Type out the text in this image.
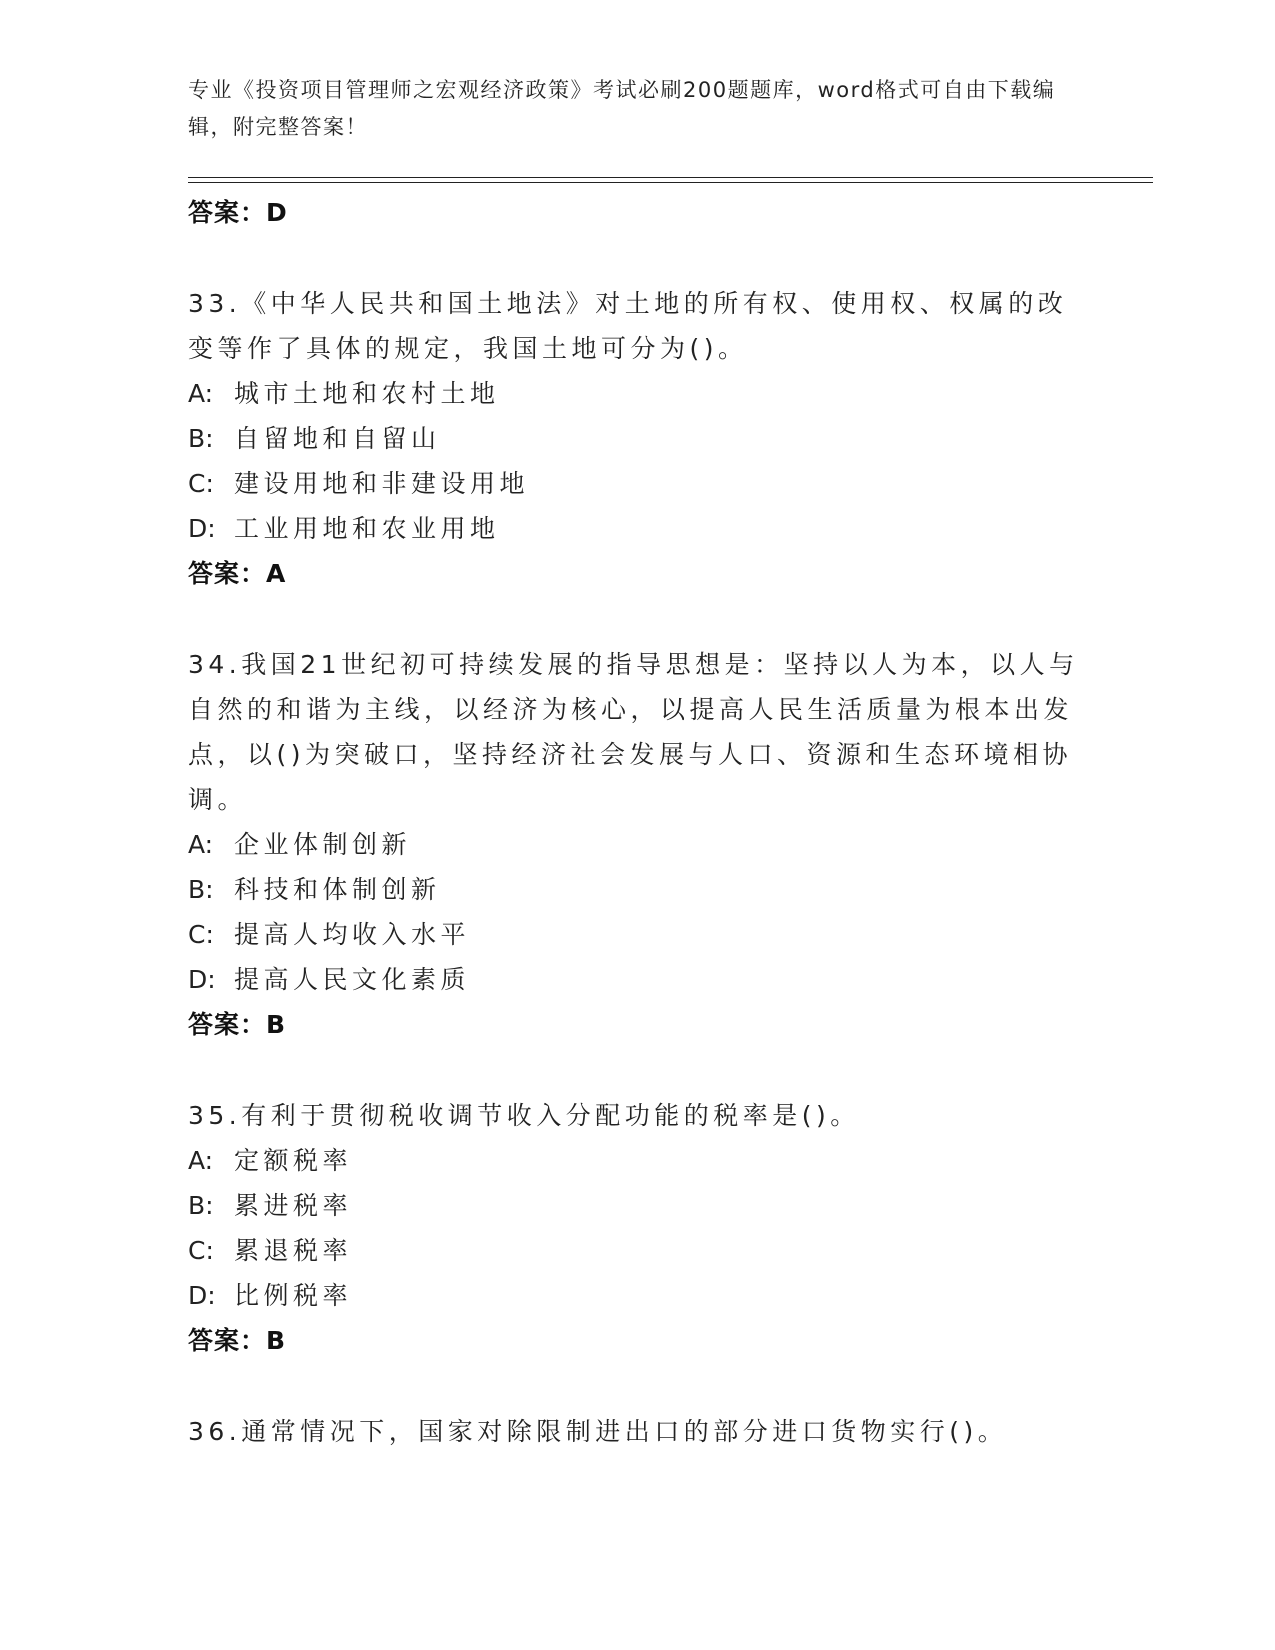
专业《投资项目管理师之宏观经济政策》考试必刷200题题库，word格式可自由下载编辑，附完整答案！
答案：D
33.《中华人民共和国土地法》对土地的所有权、使用权、权属的改变等作了具体的规定，我国土地可分为()。
A: 城市土地和农村土地
B: 自留地和自留山
C: 建设用地和非建设用地
D: 工业用地和农业用地
答案：A
34.我国21世纪初可持续发展的指导思想是：坚持以人为本，以人与自然的和谐为主线，以经济为核心，以提高人民生活质量为根本出发点，以()为突破口，坚持经济社会发展与人口、资源和生态环境相协调。
A: 企业体制创新
B: 科技和体制创新
C: 提高人均收入水平
D: 提高人民文化素质
答案：B
35.有利于贯彻税收调节收入分配功能的税率是()。
A: 定额税率
B: 累进税率
C: 累退税率
D: 比例税率
答案：B
36.通常情况下，国家对除限制进出口的部分进口货物实行()。
